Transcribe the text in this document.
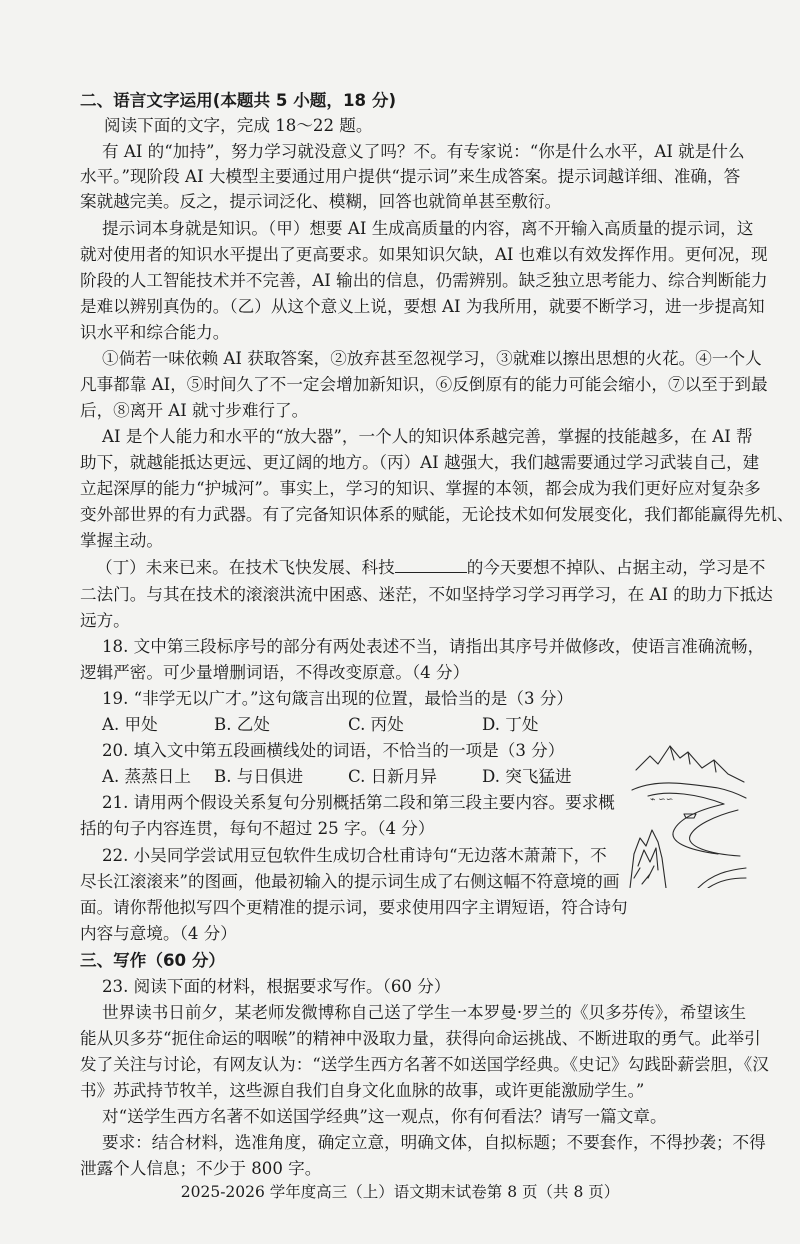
二、语言文字运用(本题共 5 小题，18 分)

阅读下面的文字，完成 18～22 题。

有 AI 的“加持”，努力学习就没意义了吗？不。有专家说：“你是什么水平，AI 就是什么

水平。”现阶段 AI 大模型主要通过用户提供“提示词”来生成答案。提示词越详细、准确，答

案就越完美。反之，提示词泛化、模糊，回答也就简单甚至敷衍。

提示词本身就是知识。（甲）想要 AI 生成高质量的内容，离不开输入高质量的提示词，这

就对使用者的知识水平提出了更高要求。如果知识欠缺，AI 也难以有效发挥作用。更何况，现

阶段的人工智能技术并不完善，AI 输出的信息，仍需辨别。缺乏独立思考能力、综合判断能力

是难以辨别真伪的。（乙）从这个意义上说，要想 AI 为我所用，就要不断学习，进一步提高知

识水平和综合能力。

①倘若一味依赖 AI 获取答案，②放弃甚至忽视学习，③就难以擦出思想的火花。④一个人

凡事都靠 AI，⑤时间久了不一定会增加新知识，⑥反倒原有的能力可能会缩小，⑦以至于到最

后，⑧离开 AI 就寸步难行了。

AI 是个人能力和水平的“放大器”，一个人的知识体系越完善，掌握的技能越多，在 AI 帮

助下，就越能抵达更远、更辽阔的地方。（丙）AI 越强大，我们越需要通过学习武装自己，建

立起深厚的能力“护城河”。事实上，学习的知识、掌握的本领，都会成为我们更好应对复杂多

变外部世界的有力武器。有了完备知识体系的赋能，无论技术如何发展变化，我们都能赢得先机、

掌握主动。

（丁）未来已来。在技术飞快发展、科技	的今天要想不掉队、占据主动，学习是不

二法门。与其在技术的滚滚洪流中困惑、迷茫，不如坚持学习学习再学习，在 AI 的助力下抵达

远方。

18. 文中第三段标序号的部分有两处表述不当，请指出其序号并做修改，使语言准确流畅，

逻辑严密。可少量增删词语，不得改变原意。（4 分）

19. “非学无以广才。”这句箴言出现的位置，最恰当的是（3 分）

A. 甲处	B. 乙处	C. 丙处	D. 丁处

20. 填入文中第五段画横线处的词语，不恰当的一项是（3 分）

A. 蒸蒸日上 B. 与日俱进	C. 日新月异	D. 突飞猛进

21. 请用两个假设关系复句分别概括第二段和第三段主要内容。要求概

括的句子内容连贯，每句不超过 25 字。（4 分）

22. 小吴同学尝试用豆包软件生成切合杜甫诗句“无边落木萧萧下，不

尽长江滚滚来”的图画，他最初输入的提示词生成了右侧这幅不符意境的画

面。请你帮他拟写四个更精准的提示词，要求使用四字主谓短语，符合诗句

内容与意境。（4 分）

⌁ ∽∽

三、写作（60 分）

23. 阅读下面的材料，根据要求写作。（60 分）

世界读书日前夕，某老师发微博称自己送了学生一本罗曼·罗兰的《贝多芬传》，希望该生

能从贝多芬“扼住命运的咽喉”的精神中汲取力量，获得向命运挑战、不断进取的勇气。此举引

发了关注与讨论，有网友认为：“送学生西方名著不如送国学经典。《史记》勾践卧薪尝胆，《汉

书》苏武持节牧羊，这些源自我们自身文化血脉的故事，或许更能激励学生。”

对“送学生西方名著不如送国学经典”这一观点，你有何看法？请写一篇文章。

要求：结合材料，选准角度，确定立意，明确文体，自拟标题；不要套作，不得抄袭；不得

泄露个人信息；不少于 800 字。

2025-2026 学年度高三（上）语文期末试卷第 8 页（共 8 页）
